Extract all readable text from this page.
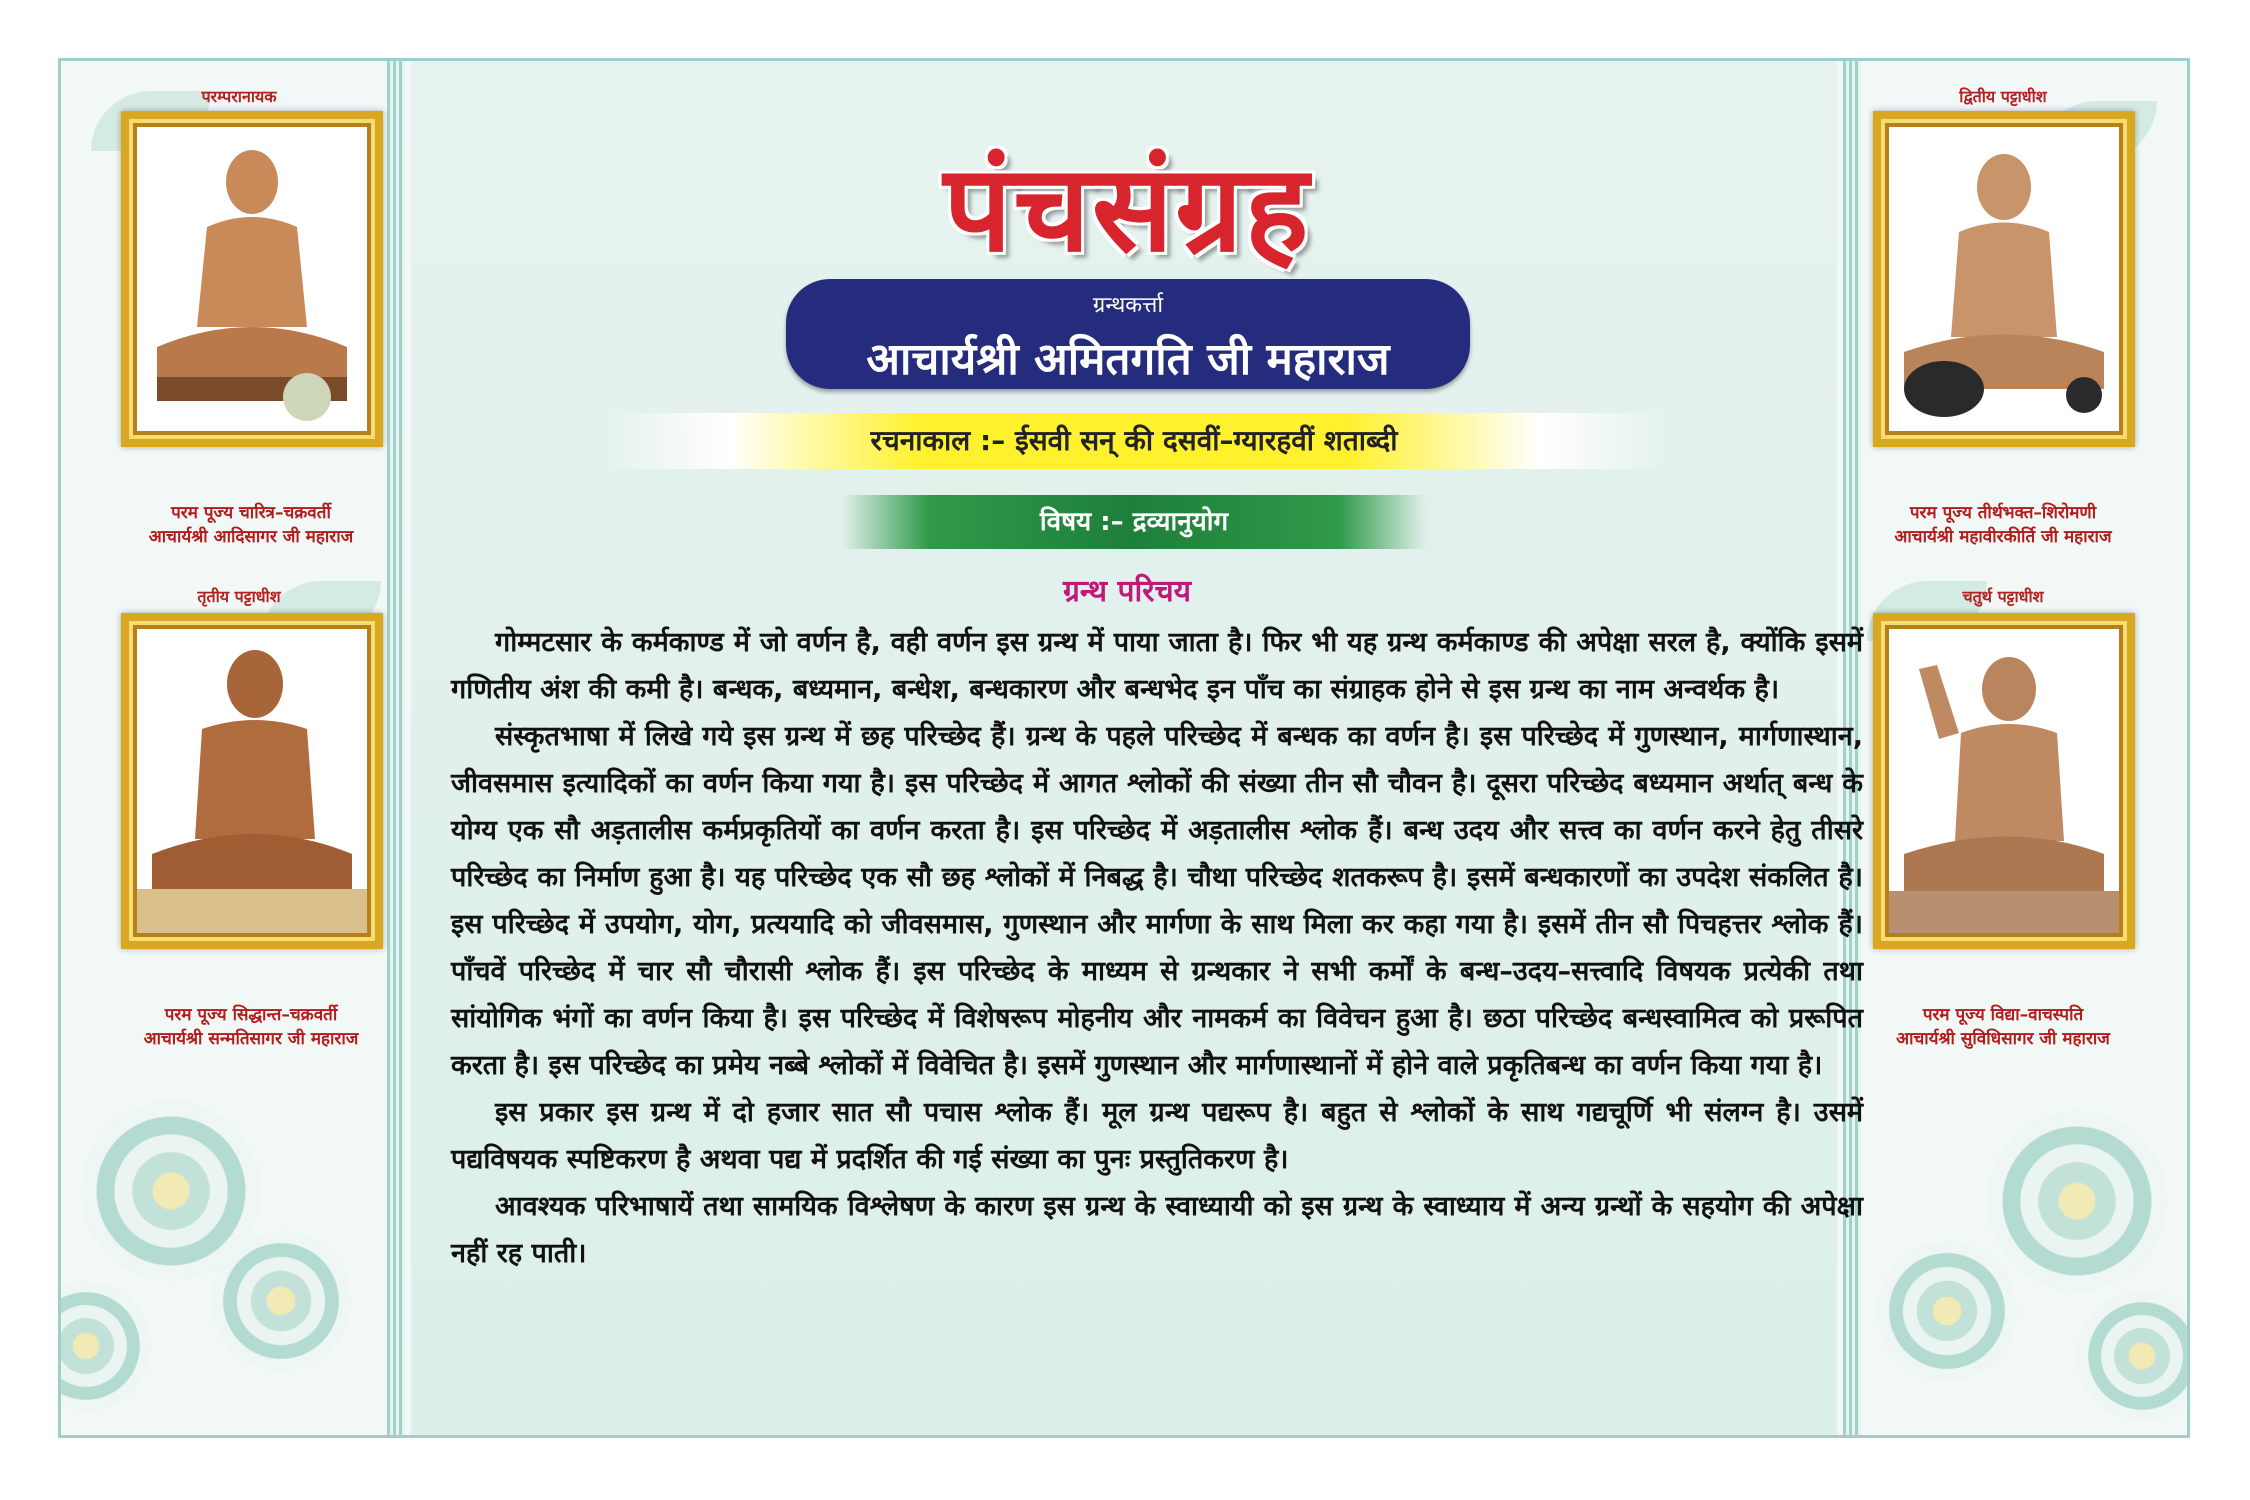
परम्परानायक
परम पूज्य चारित्र–चक्रवर्ती
आचार्यश्री आदिसागर जी महाराज
तृतीय पट्टाधीश
परम पूज्य सिद्धान्त–चक्रवर्ती
आचार्यश्री सन्मतिसागर जी महाराज
द्वितीय पट्टाधीश
परम पूज्य तीर्थभक्त–शिरोमणी
आचार्यश्री महावीरकीर्ति जी महाराज
चतुर्थ पट्टाधीश
परम पूज्य विद्या–वाचस्पति
आचार्यश्री सुविधिसागर जी महाराज
पंचसंग्रह
ग्रन्थकर्त्ता
आचार्यश्री अमितगति जी महाराज
रचनाकाल :– ईसवी सन् की दसवीं–ग्यारहवीं शताब्दी
विषय :– द्रव्यानुयोग
ग्रन्थ परिचय

गोम्मटसार के कर्मकाण्ड में जो वर्णन है, वही वर्णन इस ग्रन्थ में पाया जाता है। फिर भी यह ग्रन्थ कर्मकाण्ड की अपेक्षा सरल है, क्योंकि इसमें गणितीय अंश की कमी है। बन्धक, बध्यमान, बन्धेश, बन्धकारण और बन्धभेद इन पाँच का संग्राहक होने से इस ग्रन्थ का नाम अन्वर्थक है।

संस्कृतभाषा में लिखे गये इस ग्रन्थ में छह परिच्छेद हैं। ग्रन्थ के पहले परिच्छेद में बन्धक का वर्णन है। इस परिच्छेद में गुणस्थान, मार्गणास्थान, जीवसमास इत्यादिकों का वर्णन किया गया है। इस परिच्छेद में आगत श्लोकों की संख्या तीन सौ चौवन है। दूसरा परिच्छेद बध्यमान अर्थात् बन्ध के योग्य एक सौ अड़तालीस कर्मप्रकृतियों का वर्णन करता है। इस परिच्छेद में अड़तालीस श्लोक हैं। बन्ध उदय और सत्त्व का वर्णन करने हेतु तीसरे परिच्छेद का निर्माण हुआ है। यह परिच्छेद एक सौ छह श्लोकों में निबद्ध है। चौथा परिच्छेद शतकरूप है। इसमें बन्धकारणों का उपदेश संकलित है। इस परिच्छेद में उपयोग, योग, प्रत्ययादि को जीवसमास, गुणस्थान और मार्गणा के साथ मिला कर कहा गया है। इसमें तीन सौ पिचहत्तर श्लोक हैं। पाँचवें परिच्छेद में चार सौ चौरासी श्लोक हैं। इस परिच्छेद के माध्यम से ग्रन्थकार ने सभी कर्मों के बन्ध–उदय–सत्त्वादि विषयक प्रत्येकी तथा सांयोगिक भंगों का वर्णन किया है। इस परिच्छेद में विशेषरूप मोहनीय और नामकर्म का विवेचन हुआ है। छठा परिच्छेद बन्धस्वामित्व को प्ररूपित करता है। इस परिच्छेद का प्रमेय नब्बे श्लोकों में विवेचित है। इसमें गुणस्थान और मार्गणास्थानों में होने वाले प्रकृतिबन्ध का वर्णन किया गया है।

इस प्रकार इस ग्रन्थ में दो हजार सात सौ पचास श्लोक हैं। मूल ग्रन्थ पद्यरूप है। बहुत से श्लोकों के साथ गद्यचूर्णि भी संलग्न है। उसमें पद्यविषयक स्पष्टिकरण है अथवा पद्य में प्रदर्शित की गई संख्या का पुनः प्रस्तुतिकरण है।

आवश्यक परिभाषायें तथा सामयिक विश्लेषण के कारण इस ग्रन्थ के स्वाध्यायी को इस ग्रन्थ के स्वाध्याय में अन्य ग्रन्थों के सहयोग की अपेक्षा नहीं रह पाती।
